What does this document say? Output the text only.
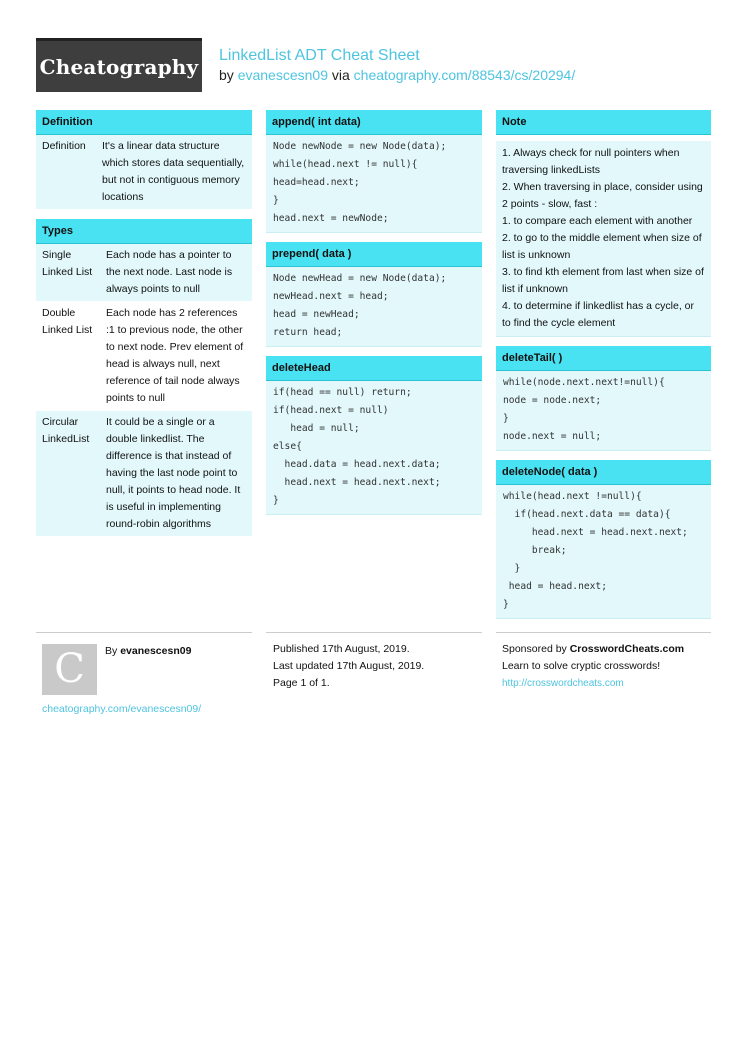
Cheatography LinkedList ADT Cheat Sheet
by evanescesn09 via cheatography.com/88543/cs/20294/
Definition
Definition	It's a linear data structure which stores data sequentially, but not in contiguous memory locations
Types
Single Linked List
Each node has a pointer to the next node. Last node is always points to null
Double Linked List
Each node has 2 references :1 to previous node, the other to next node. Prev element of head is always null, next reference of tail node always points to null
Circular LinkedList
It could be a single or a double linkedlist. The difference is that instead of having the last node point to null, it points to head node. It is useful in implementing round-robin algorithms
append( int data)
Node newNode = new Node(data);
while(head.next != null){
head=head.next;
}
head.next = newNode;
prepend( data )
Node newHead = new Node(data);
newHead.next = head;
head = newHead;
return head;
deleteHead
if(head == null) return;
if(head.next = null)
head = null;
else{
head.data = head.next.data;
head.next = head.next.next;
}
Note
1. Always check for null pointers when traversing linkedLists
2. When traversing in place, consider using 2 points - slow, fast :
1. to compare each element with another
2. to go to the middle element when size of list is unknown
3. to find kth element from last when size of list if unknown
4. to determine if linkedlist has a cycle, or to find the cycle element
deleteTail( )
while(node.next.next!=null){
node = node.next;
}
node.next = null;
deleteNode( data )
while(head.next !=null){
if(head.next.data == data){
head.next = head.next.next;
break;
}
head = head.next;
}
C	By evanescesn09
cheatography.com/evanescesn09/
Published 17th August, 2019.
Last updated 17th August, 2019.
Page 1 of 1.
Sponsored by CrosswordCheats.com
Learn to solve cryptic crosswords!
http://crosswordcheats.com
